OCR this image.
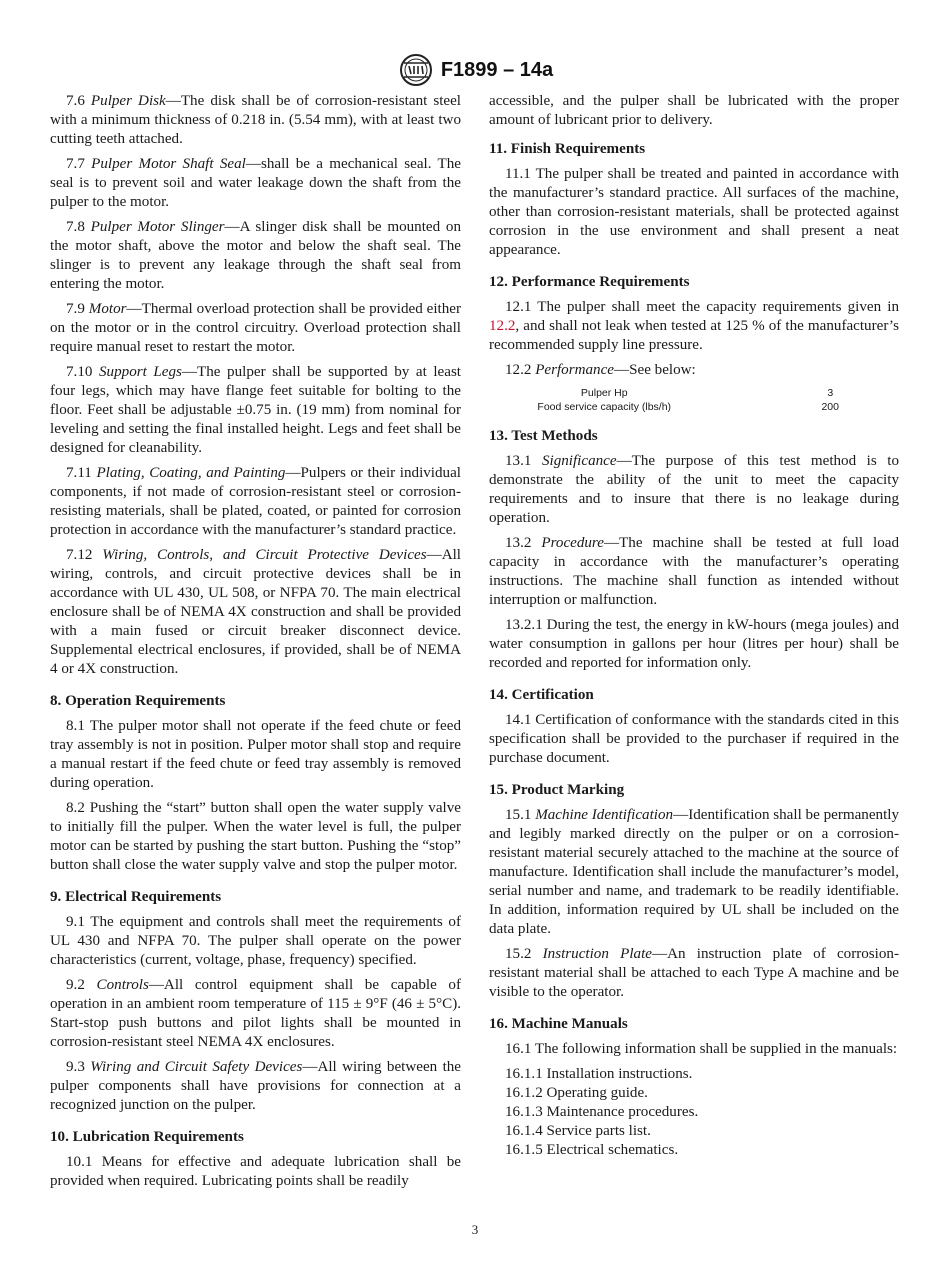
F1899 – 14a

7.6 Pulper Disk—The disk shall be of corrosion-resistant steel with a minimum thickness of 0.218 in. (5.54 mm), with at least two cutting teeth attached.

7.7 Pulper Motor Shaft Seal—shall be a mechanical seal. The seal is to prevent soil and water leakage down the shaft from the pulper to the motor.

7.8 Pulper Motor Slinger—A slinger disk shall be mounted on the motor shaft, above the motor and below the shaft seal. The slinger is to prevent any leakage through the shaft seal from entering the motor.

7.9 Motor—Thermal overload protection shall be provided either on the motor or in the control circuitry. Overload protection shall require manual reset to restart the motor.

7.10 Support Legs—The pulper shall be supported by at least four legs, which may have flange feet suitable for bolting to the floor. Feet shall be adjustable ±0.75 in. (19 mm) from nominal for leveling and setting the final installed height. Legs and feet shall be designed for cleanability.

7.11 Plating, Coating, and Painting—Pulpers or their individual components, if not made of corrosion-resistant steel or corrosion-resisting materials, shall be plated, coated, or painted for corrosion protection in accordance with the manufacturer’s standard practice.

7.12 Wiring, Controls, and Circuit Protective Devices—All wiring, controls, and circuit protective devices shall be in accordance with UL 430, UL 508, or NFPA 70. The main electrical enclosure shall be of NEMA 4X construction and shall be provided with a main fused or circuit breaker disconnect device. Supplemental electrical enclosures, if provided, shall be of NEMA 4 or 4X construction.

8. Operation Requirements

8.1 The pulper motor shall not operate if the feed chute or feed tray assembly is not in position. Pulper motor shall stop and require a manual restart if the feed chute or feed tray assembly is removed during operation.

8.2 Pushing the “start” button shall open the water supply valve to initially fill the pulper. When the water level is full, the pulper motor can be started by pushing the start button. Pushing the “stop” button shall close the water supply valve and stop the pulper motor.

9. Electrical Requirements

9.1 The equipment and controls shall meet the requirements of UL 430 and NFPA 70. The pulper shall operate on the power characteristics (current, voltage, phase, frequency) specified.

9.2 Controls—All control equipment shall be capable of operation in an ambient room temperature of 115 ± 9°F (46 ± 5°C). Start-stop push buttons and pilot lights shall be mounted in corrosion-resistant steel NEMA 4X enclosures.

9.3 Wiring and Circuit Safety Devices—All wiring between the pulper components shall have provisions for connection at a recognized junction on the pulper.

10. Lubrication Requirements

10.1 Means for effective and adequate lubrication shall be provided when required. Lubricating points shall be readily

accessible, and the pulper shall be lubricated with the proper amount of lubricant prior to delivery.

11. Finish Requirements

11.1 The pulper shall be treated and painted in accordance with the manufacturer’s standard practice. All surfaces of the machine, other than corrosion-resistant materials, shall be protected against corrosion in the use environment and shall present a neat appearance.

12. Performance Requirements

12.1 The pulper shall meet the capacity requirements given in 12.2, and shall not leak when tested at 125 % of the manufacturer’s recommended supply line pressure.

12.2 Performance—See below:

Pulper Hp	3
Food service capacity (lbs/h)	200

13. Test Methods

13.1 Significance—The purpose of this test method is to demonstrate the ability of the unit to meet the capacity requirements and to insure that there is no leakage during operation.

13.2 Procedure—The machine shall be tested at full load capacity in accordance with the manufacturer’s operating instructions. The machine shall function as intended without interruption or malfunction.

13.2.1 During the test, the energy in kW-hours (mega joules) and water consumption in gallons per hour (litres per hour) shall be recorded and reported for information only.

14. Certification

14.1 Certification of conformance with the standards cited in this specification shall be provided to the purchaser if required in the purchase document.

15. Product Marking

15.1 Machine Identification—Identification shall be permanently and legibly marked directly on the pulper or on a corrosion-resistant material securely attached to the machine at the source of manufacture. Identification shall include the manufacturer’s model, serial number and name, and trademark to be readily identifiable. In addition, information required by UL shall be included on the data plate.

15.2 Instruction Plate—An instruction plate of corrosion-resistant material shall be attached to each Type A machine and be visible to the operator.

16. Machine Manuals

16.1 The following information shall be supplied in the manuals:

16.1.1 Installation instructions.

16.1.2 Operating guide.

16.1.3 Maintenance procedures.

16.1.4 Service parts list.

16.1.5 Electrical schematics.

3
